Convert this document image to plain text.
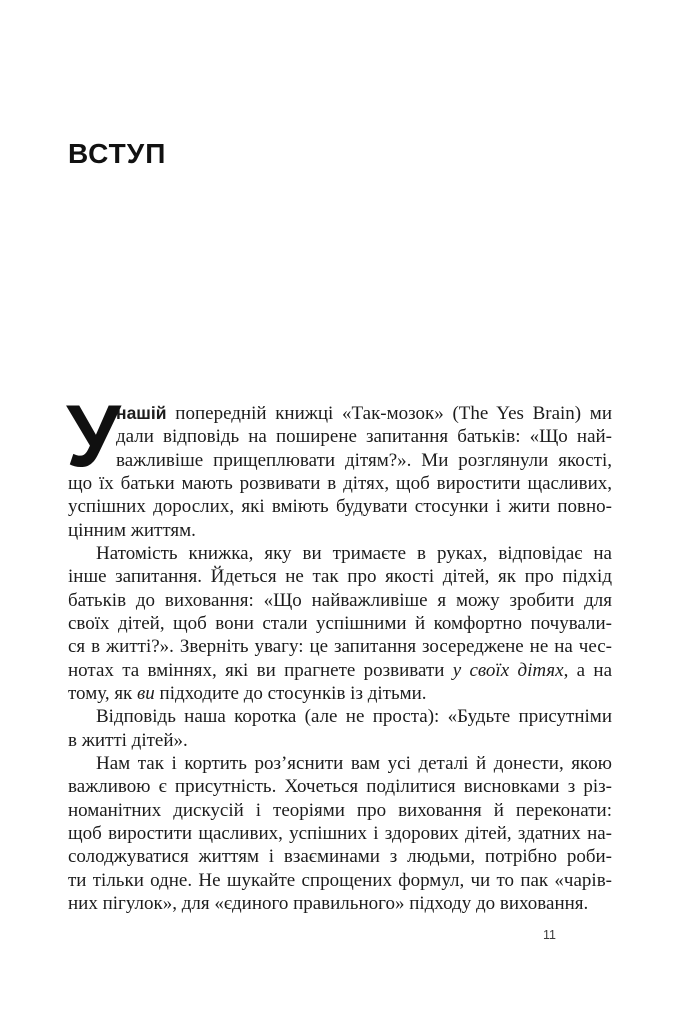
ВСТУП
У
нашій попередній книжці «Так-мозок» (The Yes Brain) ми
дали відповідь на поширене запитання батьків: «Що най-
важливіше прищеплювати дітям?». Ми розглянули якості,
що їх батьки мають розвивати в дітях, щоб виростити щасливих,
успішних дорослих, які вміють будувати стосунки і жити повно-
цінним життям.
Натомість книжка, яку ви тримаєте в руках, відповідає на
інше запитання. Йдеться не так про якості дітей, як про підхід
батьків до виховання: «Що найважливіше я можу зробити для
своїх дітей, щоб вони стали успішними й комфортно почували-
ся в житті?». Зверніть увагу: це запитання зосереджене не на чес-
нотах та вміннях, які ви прагнете розвивати у своїх дітях, а на
тому, як ви підходите до стосунків із дітьми.
Відповідь наша коротка (але не проста): «Будьте присутніми
в житті дітей».
Нам так і кортить роз’яснити вам усі деталі й донести, якою
важливою є присутність. Хочеться поділитися висновками з різ-
номанітних дискусій і теоріями про виховання й переконати:
щоб виростити щасливих, успішних і здорових дітей, здатних на-
солоджуватися життям і взаєминами з людьми, потрібно роби-
ти тільки одне. Не шукайте спрощених формул, чи то пак «чарів-
них пігулок», для «єдиного правильного» підходу до виховання.
11
